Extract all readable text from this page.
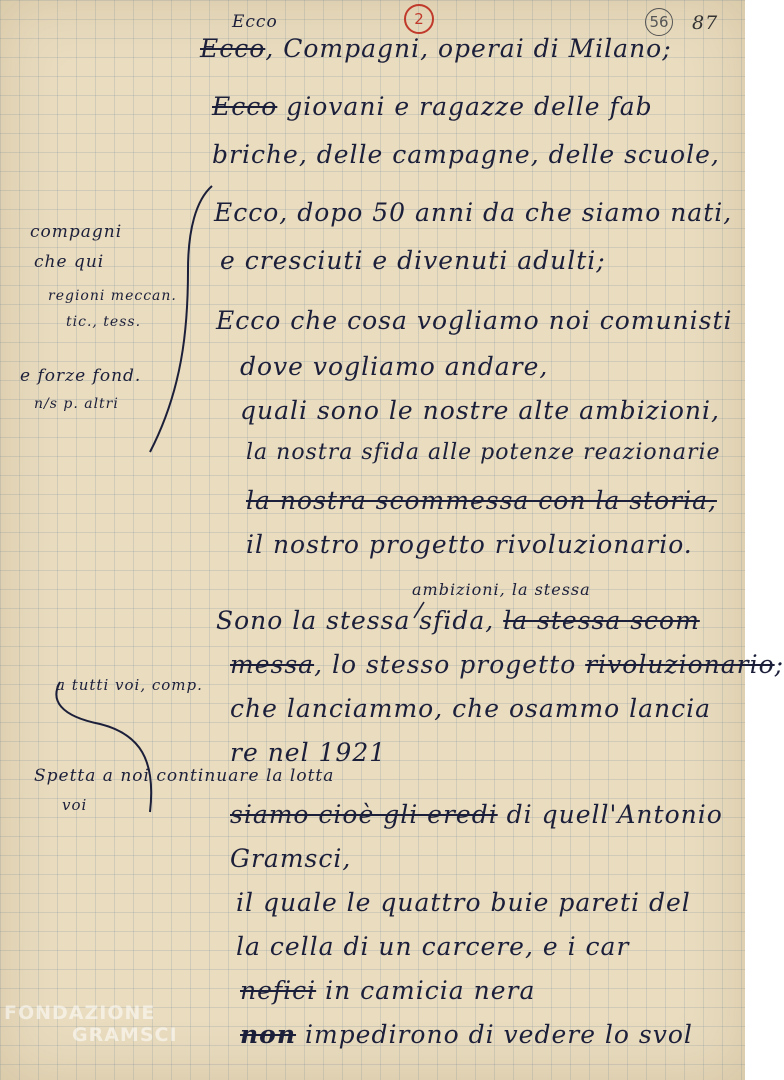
2	56 87
Ecco
Ecco, Compagni, operai di Milano;
Ecco giovani e ragazze delle fab
briche, delle campagne, delle scuole,
Ecco, dopo 50 anni da che siamo nati,
e cresciuti e divenuti adulti;
Ecco che cosa vogliamo noi comunisti
dove vogliamo andare,
quali sono le nostre alte ambizioni,
la nostra sfida alle potenze reazionarie
la nostra scommessa con la storia,
il nostro progetto rivoluzionario.
ambizioni, la stessa
Sono la stessa sfida, la stessa scom
messa, lo stesso progetto rivoluzionario;
che lanciammo, che osammo lancia
re nel 1921
siamo cioè gli eredi di quell'Antonio
Gramsci,
il quale le quattro buie pareti del
la cella di un carcere, e i car
nefici in camicia nera
non impedirono di vedere lo svol
compagni
che qui
regioni meccan.
tic., tess.
e forze fond.
n/s p. altri
a tutti voi, comp.
Spetta a noi continuare la lotta
voi
FONDAZIONE
GRAMSCI
